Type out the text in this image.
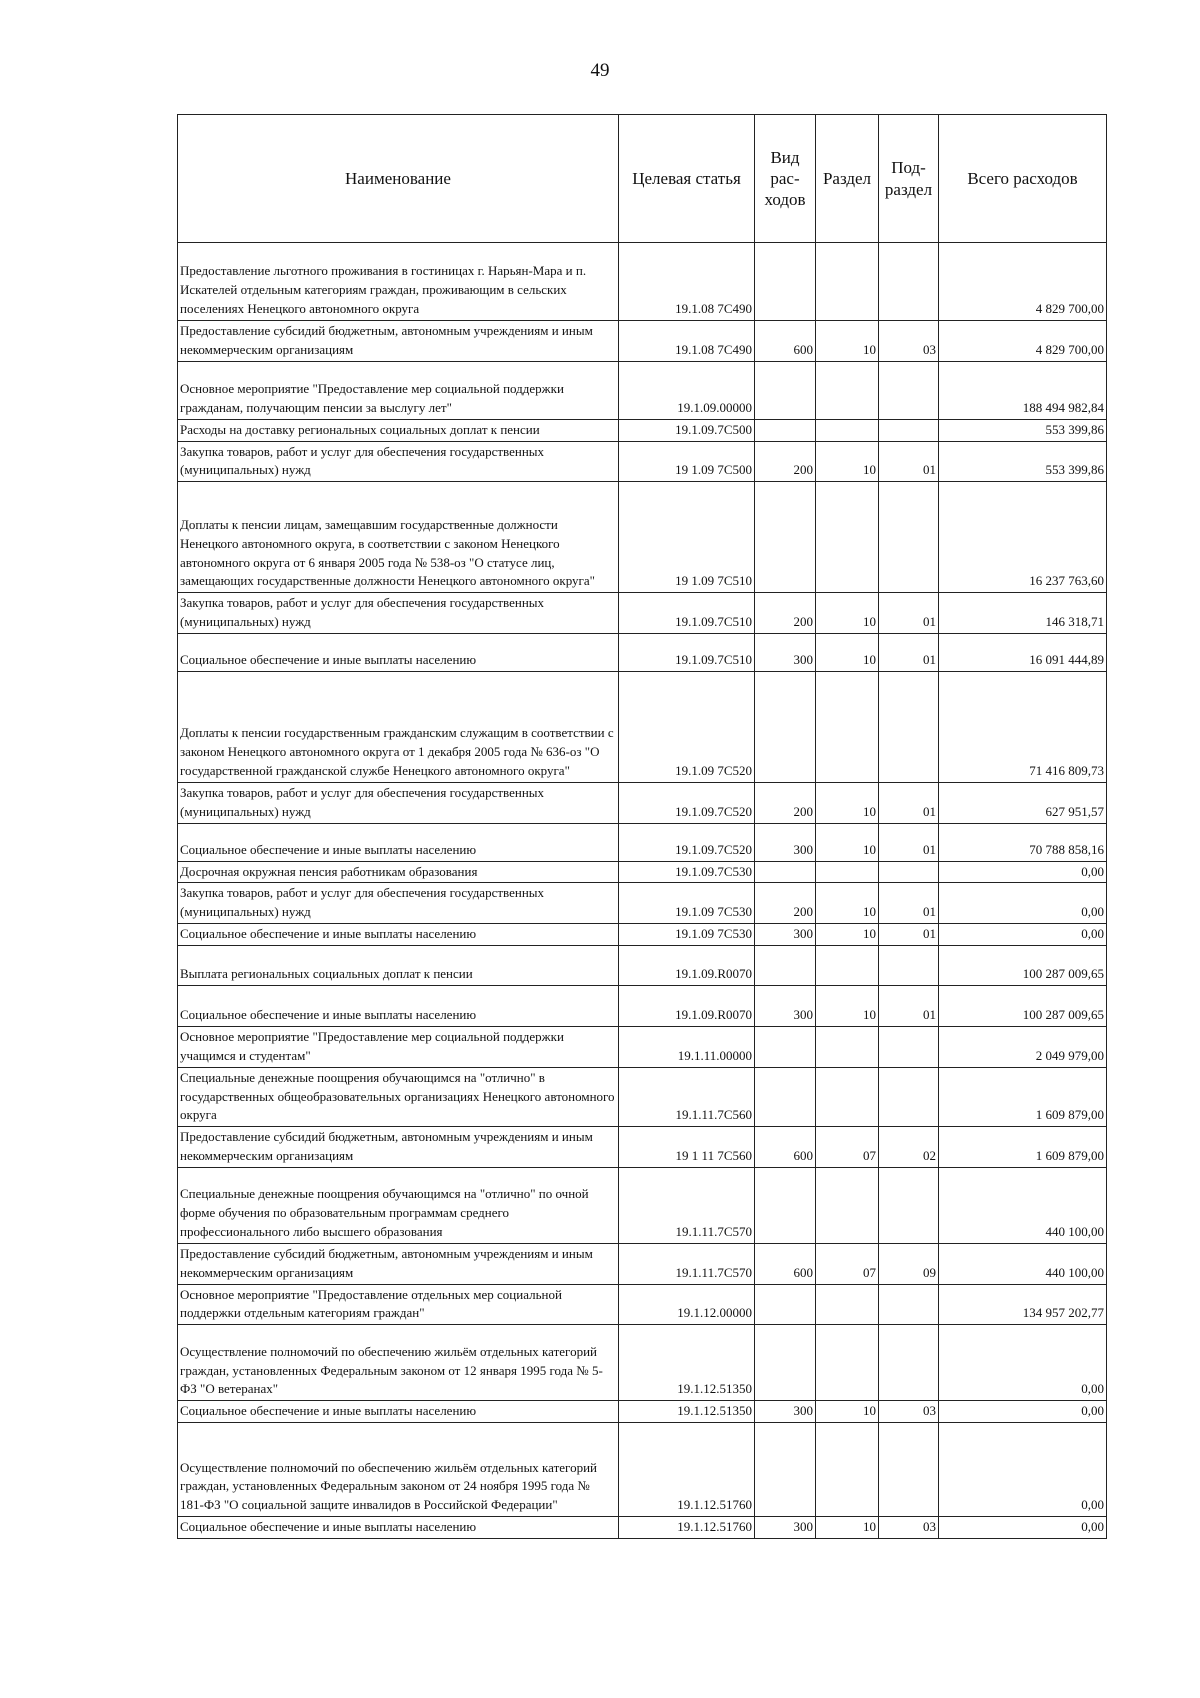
49
Наименование	Целевая статья	Вид рас- ходов	Раздел	Под- раздел	Всего расходов
Предоставление льготного проживания в гостиницах г. Нарьян-Мара и п. Искателей отдельным категориям граждан, проживающим в сельских поселениях Ненецкого автономного округа	19.1.08 7С490				4 829 700,00
Предоставление субсидий бюджетным, автономным учреждениям и иным некоммерческим организациям	19.1.08 7С490	600	10	03	4 829 700,00
Основное мероприятие "Предоставление мер социальной поддержки гражданам, получающим пенсии за выслугу лет"	19.1.09.00000				188 494 982,84
Расходы на доставку региональных социальных доплат к пенсии	19.1.09.7С500				553 399,86
Закупка товаров, работ и услуг для обеспечения государственных (муниципальных) нужд	19 1.09 7С500	200	10	01	553 399,86
Доплаты к пенсии лицам, замещавшим государственные должности Ненецкого автономного округа, в соответствии с законом Ненецкого автономного округа от 6 января 2005 года № 538-оз "О статусе лиц, замещающих государственные должности Ненецкого автономного округа"	19 1.09 7С510				16 237 763,60
Закупка товаров, работ и услуг для обеспечения государственных (муниципальных) нужд	19.1.09.7С510	200	10	01	146 318,71
Социальное обеспечение и иные выплаты населению	19.1.09.7С510	300	10	01	16 091 444,89
Доплаты к пенсии государственным гражданским служащим в соответствии с законом Ненецкого автономного округа от 1 декабря 2005 года № 636-оз "О государственной гражданской службе Ненецкого автономного округа"	19.1.09 7С520				71 416 809,73
Закупка товаров, работ и услуг для обеспечения государственных (муниципальных) нужд	19.1.09.7С520	200	10	01	627 951,57
Социальное обеспечение и иные выплаты населению	19.1.09.7С520	300	10	01	70 788 858,16
Досрочная окружная пенсия работникам образования	19.1.09.7С530				0,00
Закупка товаров, работ и услуг для обеспечения государственных (муниципальных) нужд	19.1.09 7С530	200	10	01	0,00
Социальное обеспечение и иные выплаты населению	19.1.09 7С530	300	10	01	0,00
Выплата региональных социальных доплат к пенсии	19.1.09.R0070				100 287 009,65
Социальное обеспечение и иные выплаты населению	19.1.09.R0070	300	10	01	100 287 009,65
Основное мероприятие "Предоставление мер социальной поддержки учащимся и студентам"	19.1.11.00000				2 049 979,00
Специальные денежные поощрения обучающимся на "отлично" в государственных общеобразовательных организациях Ненецкого автономного округа	19.1.11.7С560				1 609 879,00
Предоставление субсидий бюджетным, автономным учреждениям и иным некоммерческим организациям	19 1 11 7С560	600	07	02	1 609 879,00
Специальные денежные поощрения обучающимся на "отлично" по очной форме обучения по образовательным программам среднего профессионального либо высшего образования	19.1.11.7С570				440 100,00
Предоставление субсидий бюджетным, автономным учреждениям и иным некоммерческим организациям	19.1.11.7С570	600	07	09	440 100,00
Основное мероприятие "Предоставление отдельных мер социальной поддержки отдельным категориям граждан"	19.1.12.00000				134 957 202,77
Осуществление полномочий по обеспечению жильём отдельных категорий граждан, установленных Федеральным законом от 12 января 1995 года № 5-ФЗ "О ветеранах"	19.1.12.51350				0,00
Социальное обеспечение и иные выплаты населению	19.1.12.51350	300	10	03	0,00
Осуществление полномочий по обеспечению жильём отдельных категорий граждан, установленных Федеральным законом от 24 ноября 1995 года № 181-ФЗ "О социальной защите инвалидов в Российской Федерации"	19.1.12.51760				0,00
Социальное обеспечение и иные выплаты населению	19.1.12.51760	300	10	03	0,00
